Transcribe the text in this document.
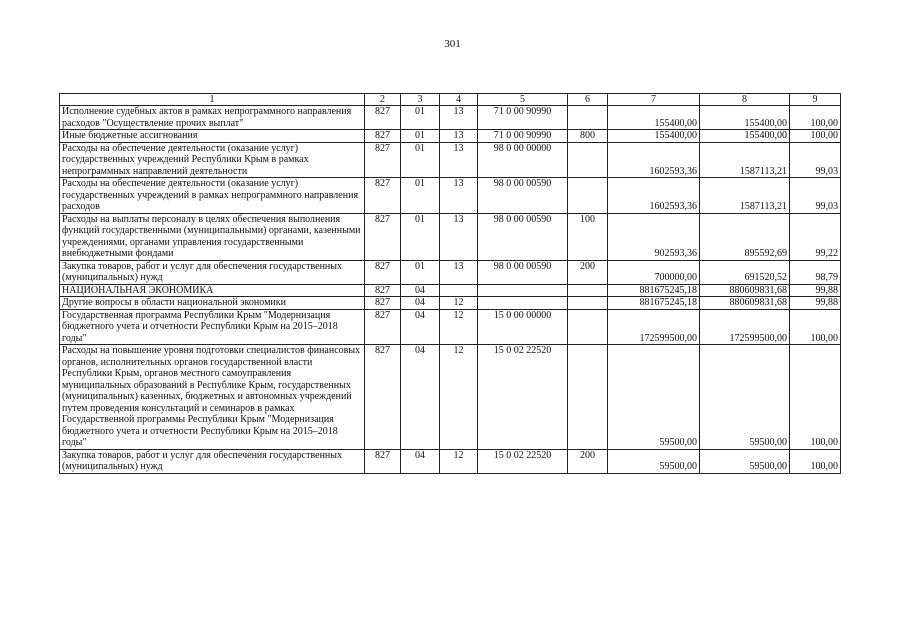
301
1	2	3	4	5	6	7	8	9
Исполнение судебных актов в рамках непрограммного направления расходов "Осуществление прочих выплат"	827	01	13	71 0 00 90990		155400,00	155400,00	100,00
Иные бюджетные ассигнования	827	01	13	71 0 00 90990	800	155400,00	155400,00	100,00
Расходы на обеспечение деятельности (оказание услуг) государственных учреждений Республики Крым в рамках непрограммных направлений деятельности	827	01	13	98 0 00 00000		1602593,36	1587113,21	99,03
Расходы на обеспечение деятельности (оказание услуг) государственных учреждений в рамках непрограммного направления расходов	827	01	13	98 0 00 00590		1602593,36	1587113,21	99,03
Расходы на выплаты персоналу в целях обеспечения выполнения функций государственными (муниципальными) органами, казенными учреждениями, органами управления государственными внебюджетными фондами	827	01	13	98 0 00 00590	100	902593,36	895592,69	99,22
Закупка товаров, работ и услуг для обеспечения государственных (муниципальных) нужд	827	01	13	98 0 00 00590	200	700000,00	691520,52	98,79
НАЦИОНАЛЬНАЯ ЭКОНОМИКА	827	04				881675245,18	880609831,68	99,88
Другие вопросы в области национальной экономики	827	04	12			881675245,18	880609831,68	99,88
Государственная программа Республики Крым "Модернизация бюджетного учета и отчетности Республики Крым на 2015–2018 годы"	827	04	12	15 0 00 00000		172599500,00	172599500,00	100,00
Расходы на повышение уровня подготовки специалистов финансовых органов, исполнительных органов государственной власти Республики Крым, органов местного самоуправления муниципальных образований в Республике Крым, государственных (муниципальных) казенных, бюджетных и автономных учреждений путем проведения консультаций и семинаров в рамках Государственной программы Республики Крым "Модернизация бюджетного учета и отчетности Республики Крым на 2015–2018 годы"	827	04	12	15 0 02 22520		59500,00	59500,00	100,00
Закупка товаров, работ и услуг для обеспечения государственных (муниципальных) нужд	827	04	12	15 0 02 22520	200	59500,00	59500,00	100,00
